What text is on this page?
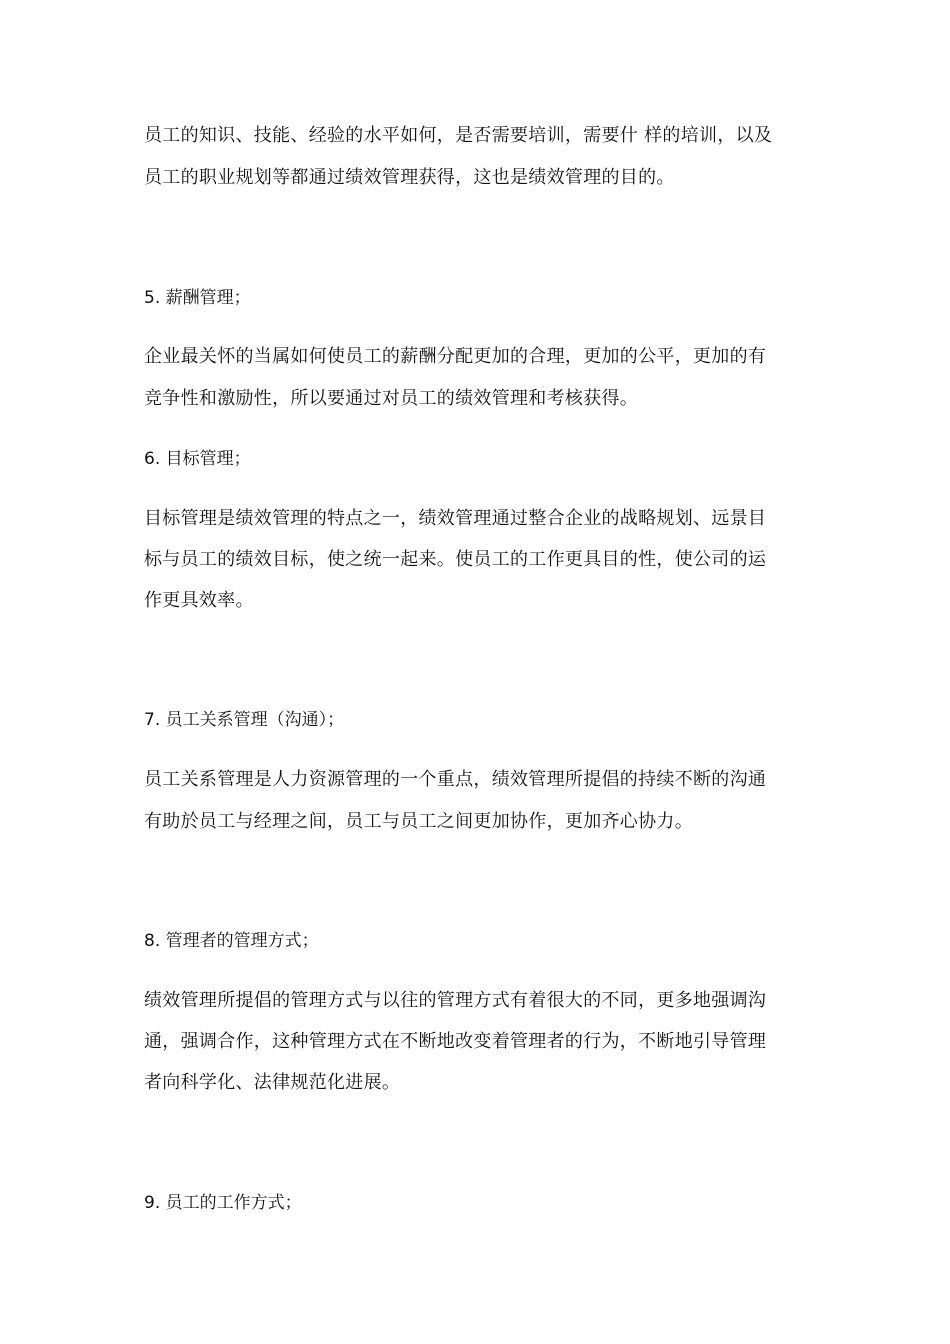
员工的知识、技能、经验的水平如何，是否需要培训，需要什 样的培训，以及
员工的职业规划等都通过绩效管理获得，这也是绩效管理的目的。
5. 薪酬管理；
企业最关怀的当属如何使员工的薪酬分配更加的合理，更加的公平，更加的有
竞争性和激励性，所以要通过对员工的绩效管理和考核获得。
6. 目标管理；
目标管理是绩效管理的特点之一，绩效管理通过整合企业的战略规划、远景目
标与员工的绩效目标，使之统一起来。使员工的工作更具目的性，使公司的运
作更具效率。
7. 员工关系管理（沟通）；
员工关系管理是人力资源管理的一个重点，绩效管理所提倡的持续不断的沟通
有助於员工与经理之间，员工与员工之间更加协作，更加齐心协力。
8. 管理者的管理方式；
绩效管理所提倡的管理方式与以往的管理方式有着很大的不同，更多地强调沟
通，强调合作，这种管理方式在不断地改变着管理者的行为，不断地引导管理
者向科学化、法律规范化进展。
9. 员工的工作方式；
